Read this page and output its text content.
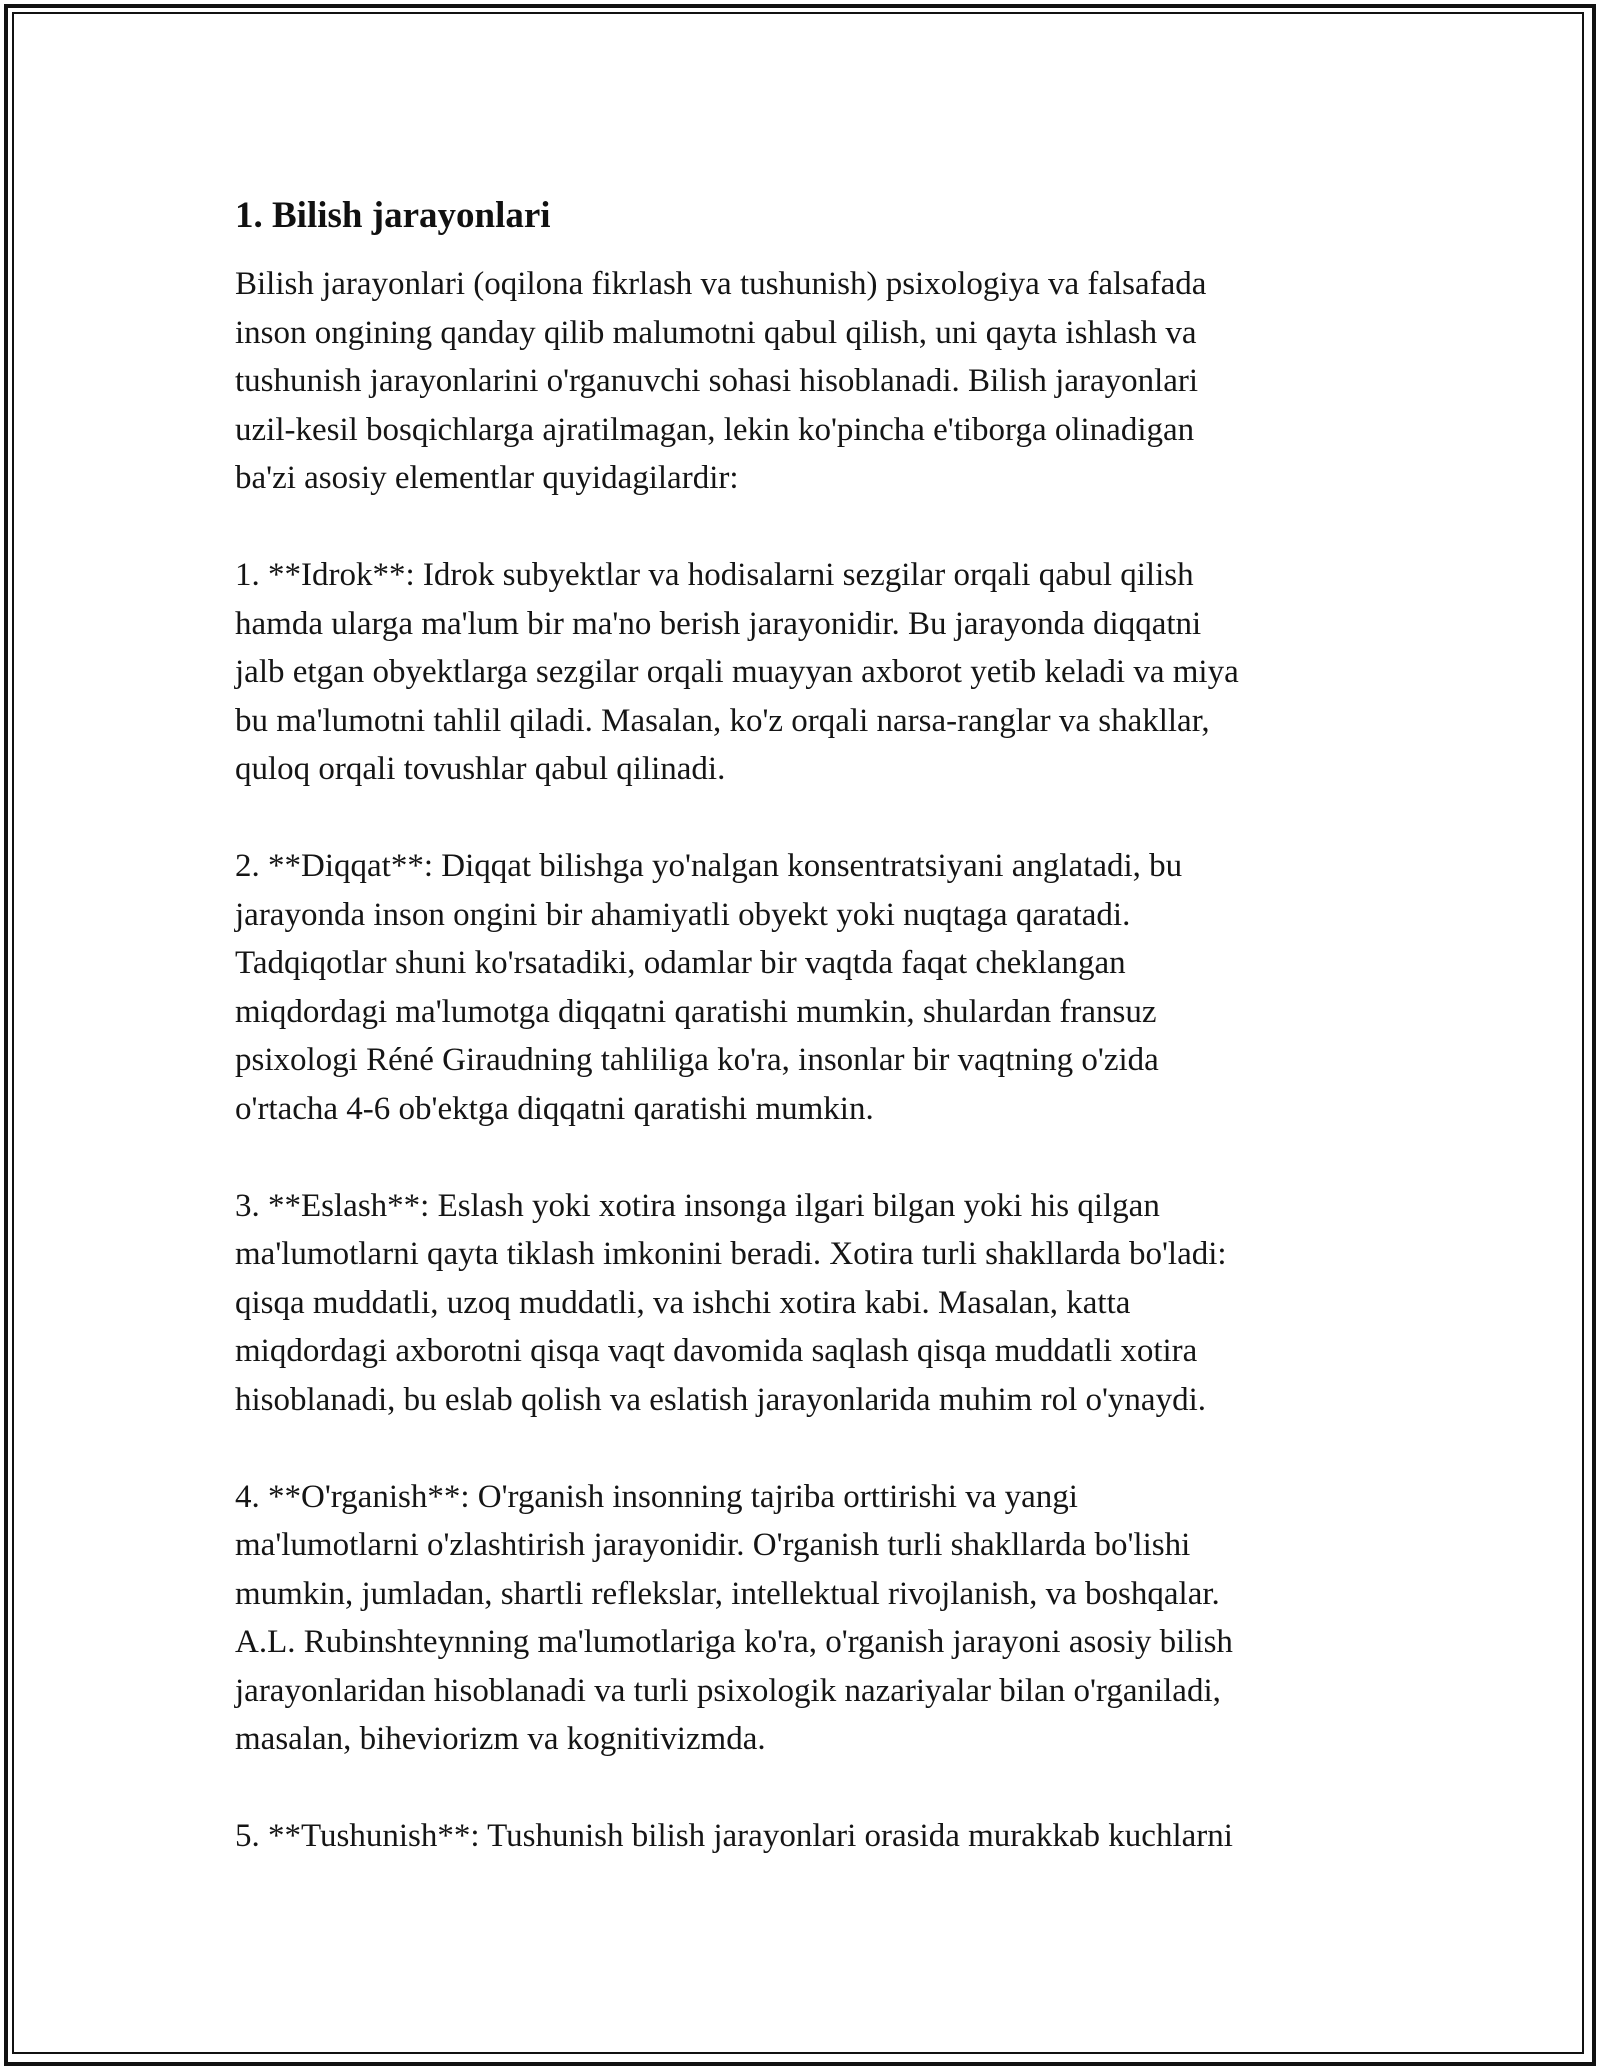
1. Bilish jarayonlari

Bilish jarayonlari (oqilona fikrlash va tushunish) psixologiya va falsafada
inson ongining qanday qilib malumotni qabul qilish, uni qayta ishlash va
tushunish jarayonlarini o'rganuvchi sohasi hisoblanadi. Bilish jarayonlari
uzil-kesil bosqichlarga ajratilmagan, lekin ko'pincha e'tiborga olinadigan
ba'zi asosiy elementlar quyidagilardir:

1. **Idrok**: Idrok subyektlar va hodisalarni sezgilar orqali qabul qilish
hamda ularga ma'lum bir ma'no berish jarayonidir. Bu jarayonda diqqatni
jalb etgan obyektlarga sezgilar orqali muayyan axborot yetib keladi va miya
bu ma'lumotni tahlil qiladi. Masalan, ko'z orqali narsa-ranglar va shakllar,
quloq orqali tovushlar qabul qilinadi.

2. **Diqqat**: Diqqat bilishga yo'nalgan konsentratsiyani anglatadi, bu
jarayonda inson ongini bir ahamiyatli obyekt yoki nuqtaga qaratadi.
Tadqiqotlar shuni ko'rsatadiki, odamlar bir vaqtda faqat cheklangan
miqdordagi ma'lumotga diqqatni qaratishi mumkin, shulardan fransuz
psixologi Réné Giraudning tahliliga ko'ra, insonlar bir vaqtning o'zida
o'rtacha 4-6 ob'ektga diqqatni qaratishi mumkin.

3. **Eslash**: Eslash yoki xotira insonga ilgari bilgan yoki his qilgan
ma'lumotlarni qayta tiklash imkonini beradi. Xotira turli shakllarda bo'ladi:
qisqa muddatli, uzoq muddatli, va ishchi xotira kabi. Masalan, katta
miqdordagi axborotni qisqa vaqt davomida saqlash qisqa muddatli xotira
hisoblanadi, bu eslab qolish va eslatish jarayonlarida muhim rol o'ynaydi.

4. **O'rganish**: O'rganish insonning tajriba orttirishi va yangi
ma'lumotlarni o'zlashtirish jarayonidir. O'rganish turli shakllarda bo'lishi
mumkin, jumladan, shartli reflekslar, intellektual rivojlanish, va boshqalar.
A.L. Rubinshteynning ma'lumotlariga ko'ra, o'rganish jarayoni asosiy bilish
jarayonlaridan hisoblanadi va turli psixologik nazariyalar bilan o'rganiladi,
masalan, biheviorizm va kognitivizmda.

5. **Tushunish**: Tushunish bilish jarayonlari orasida murakkab kuchlarni
